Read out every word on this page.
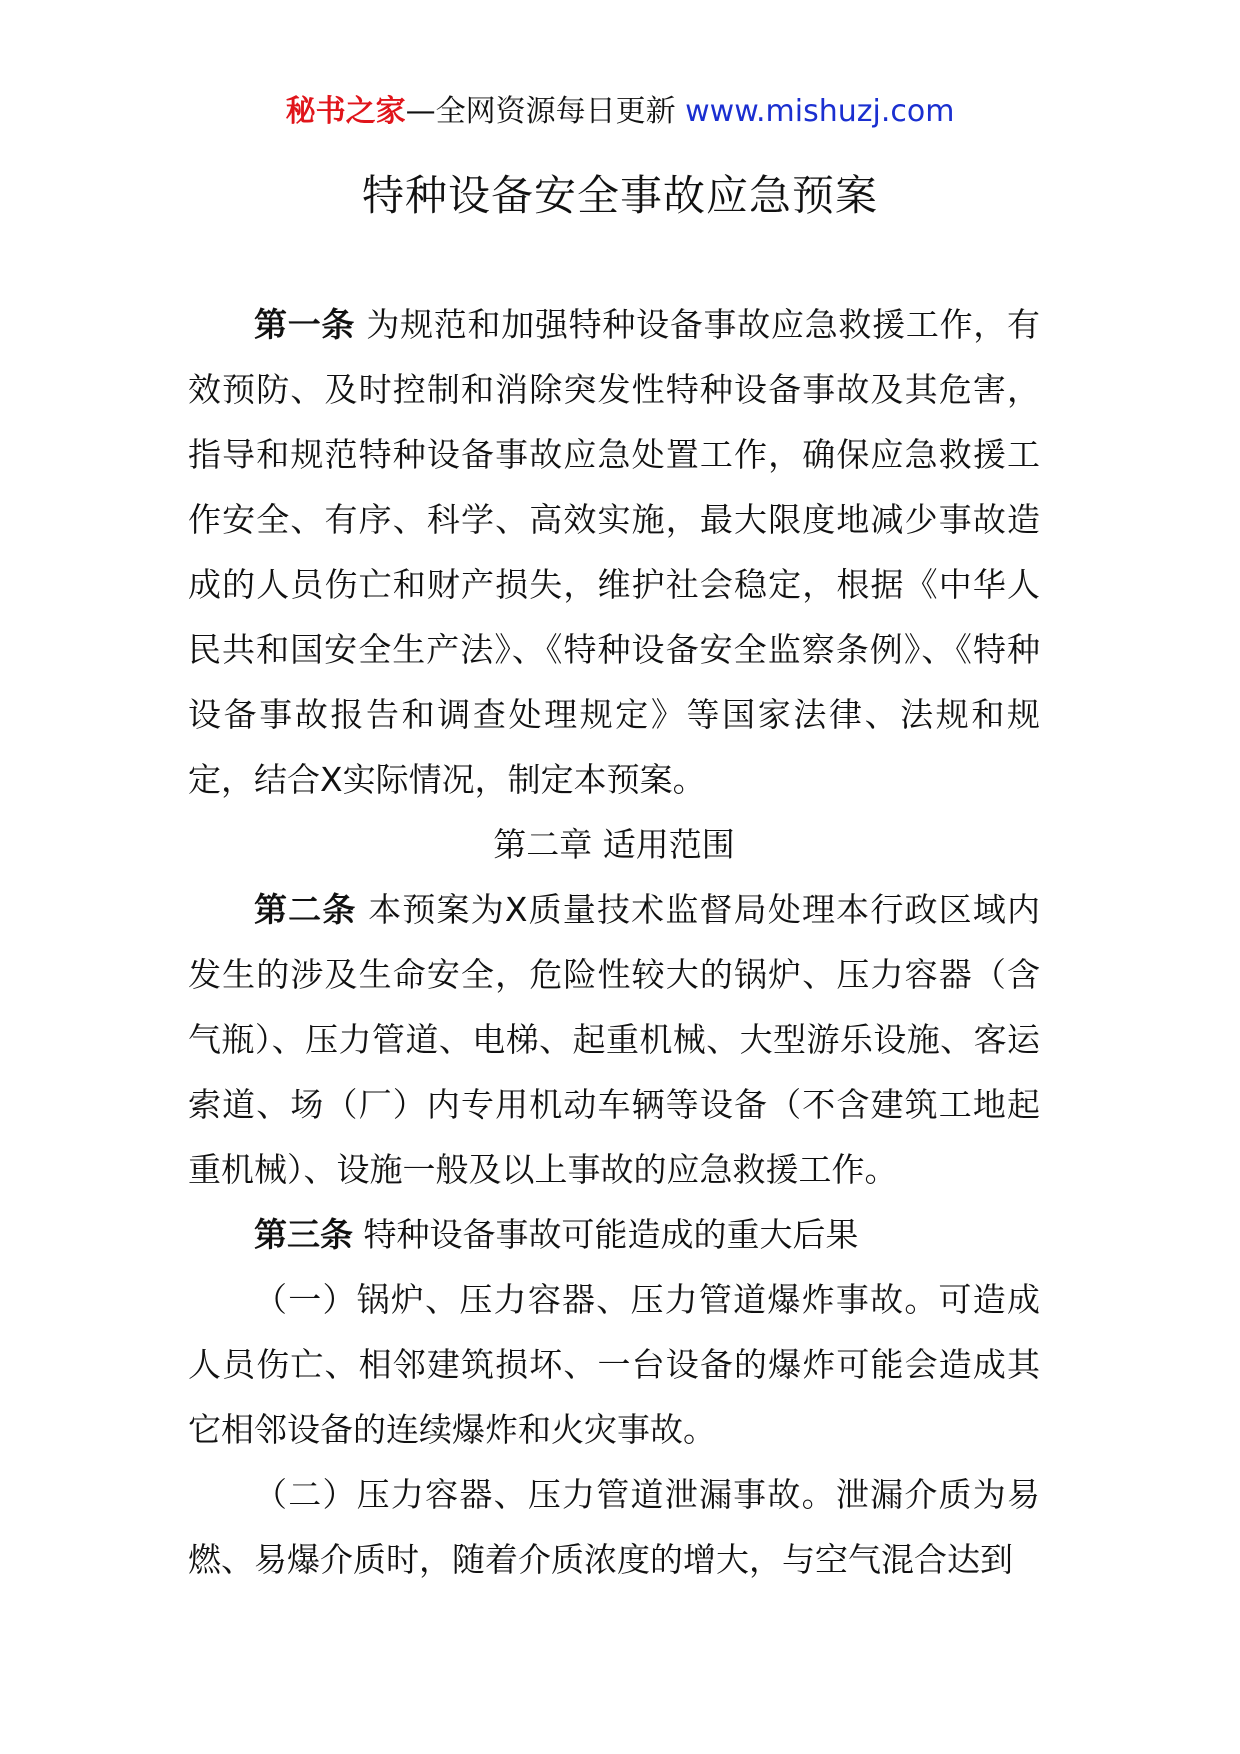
秘书之家—全网资源每日更新 www.mishuzj.com
特种设备安全事故应急预案

第一条 为规范和加强特种设备事故应急救援工作，有效预防、及时控制和消除突发性特种设备事故及其危害，指导和规范特种设备事故应急处置工作，确保应急救援工作安全、有序、科学、高效实施，最大限度地减少事故造成的人员伤亡和财产损失，维护社会稳定，根据《中华人民共和国安全生产法》、《特种设备安全监察条例》、《特种设备事故报告和调查处理规定》等国家法律、法规和规定，结合X实际情况，制定本预案。

第二章 适用范围

第二条 本预案为X质量技术监督局处理本行政区域内发生的涉及生命安全，危险性较大的锅炉、压力容器（含气瓶）、压力管道、电梯、起重机械、大型游乐设施、客运索道、场（厂）内专用机动车辆等设备（不含建筑工地起重机械）、设施一般及以上事故的应急救援工作。

第三条 特种设备事故可能造成的重大后果

（一）锅炉、压力容器、压力管道爆炸事故。可造成人员伤亡、相邻建筑损坏、一台设备的爆炸可能会造成其它相邻设备的连续爆炸和火灾事故。

（二）压力容器、压力管道泄漏事故。泄漏介质为易燃、易爆介质时，随着介质浓度的增大，与空气混合达到
